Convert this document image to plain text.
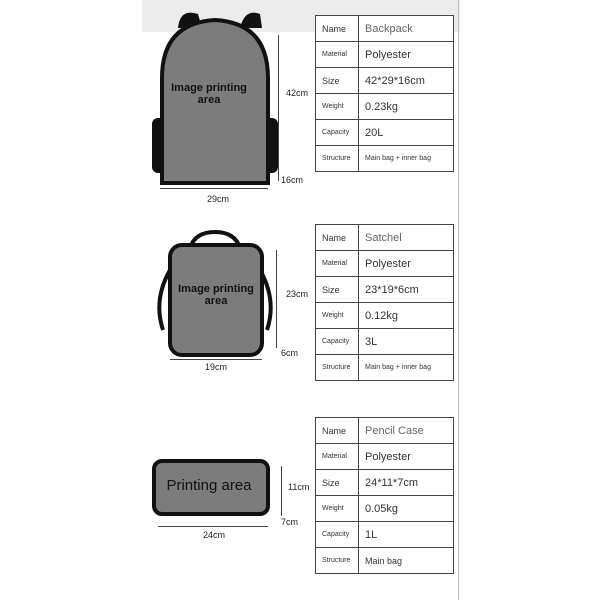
Image printing
area
42cm
29cm
16cm
Name	Backpack
Material	Polyester
Size	42*29*16cm
Weight	0.23kg
Capacity	20L
Structure	Main bag + inner bag
Image printing
area
23cm
19cm
6cm
Name	Satchel
Material	Polyester
Size	23*19*6cm
Weight	0.12kg
Capacity	3L
Structure	Main bag + inner bag
Printing area	11cm
24cm
7cm
Name	Pencil Case
Material	Polyester
Size	24*11*7cm
Weight	0.05kg
Capacity	1L
Structure	Main bag
